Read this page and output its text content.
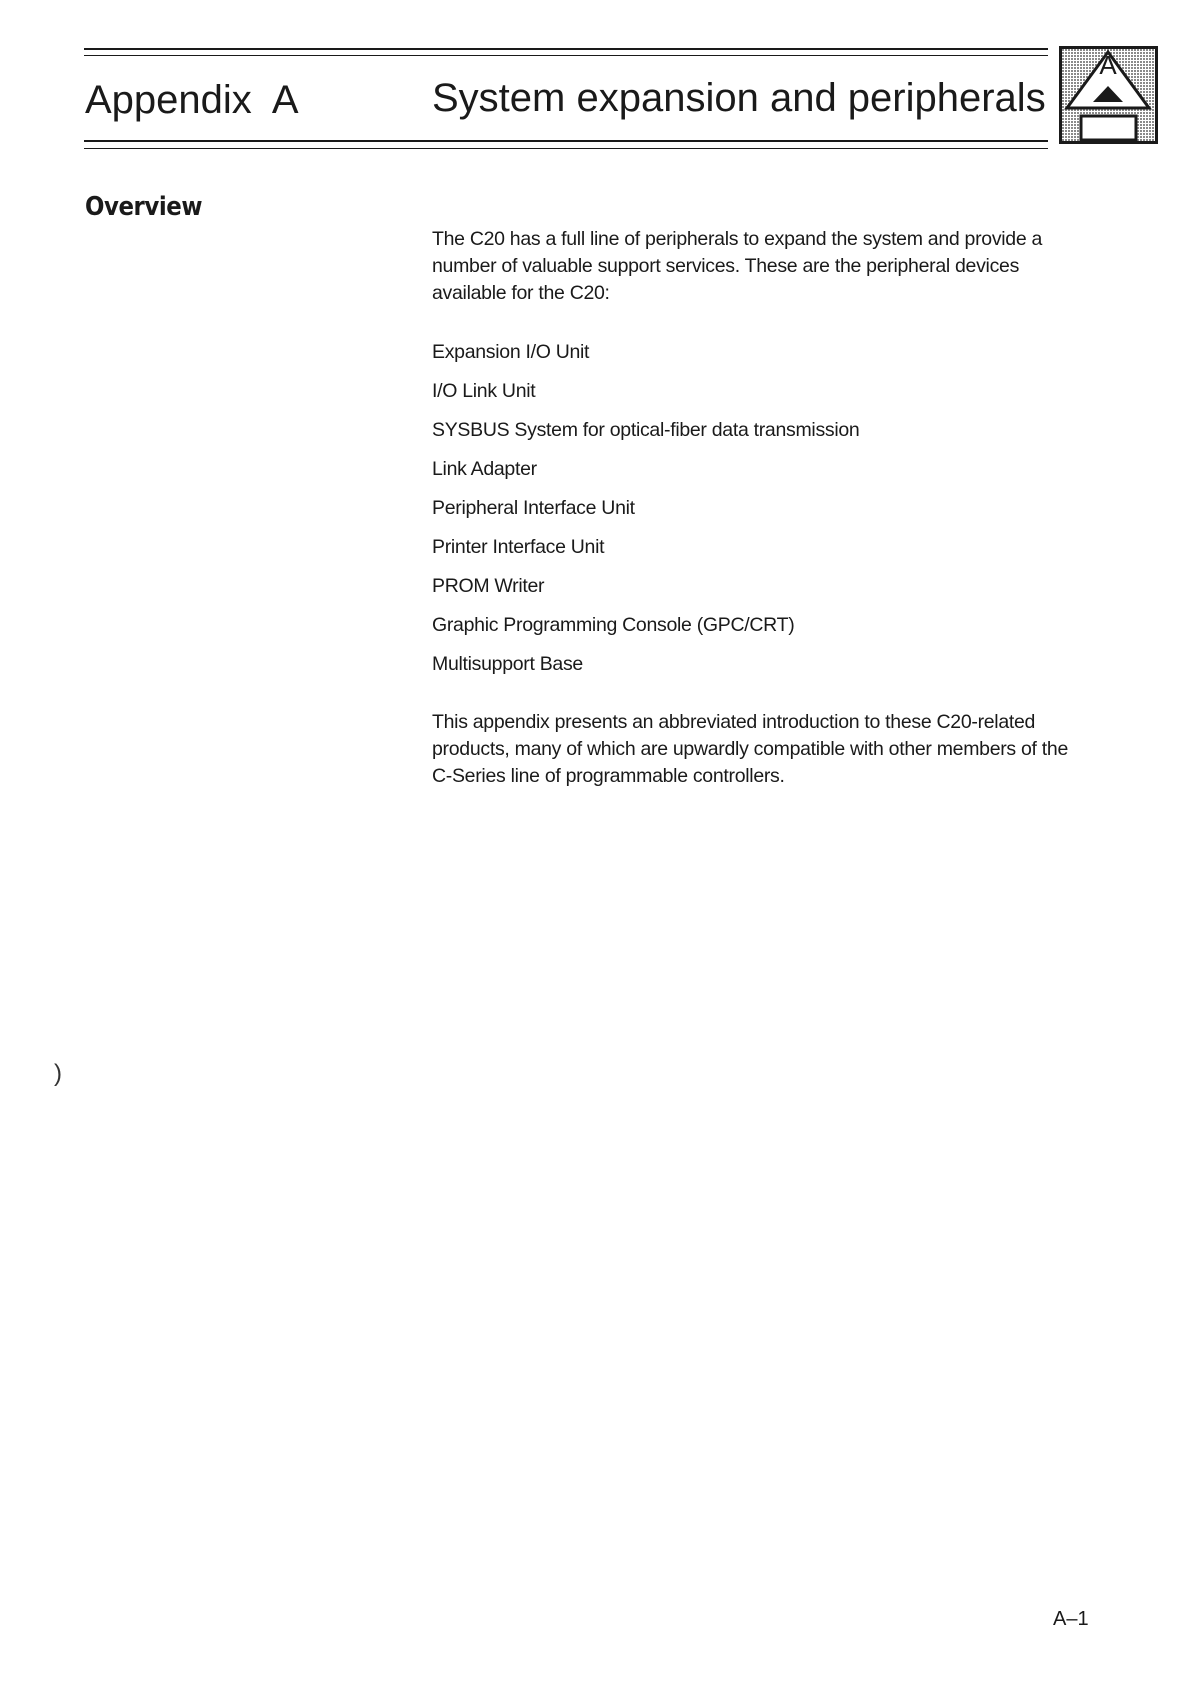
Appendix  A	System expansion and peripherals
A
Overview
The C20 has a full line of peripherals to expand the system and provide a number of valuable support services. These are the peripheral devices available for the C20:
Expansion I/O Unit
I/O Link Unit
SYSBUS System for optical-fiber data transmission
Link Adapter
Peripheral Interface Unit
Printer Interface Unit
PROM Writer
Graphic Programming Console (GPC/CRT)
Multisupport Base
This appendix presents an abbreviated introduction to these C20-related products, many of which are upwardly compatible with other members of the C-Series line of programmable controllers.
)
A–1
